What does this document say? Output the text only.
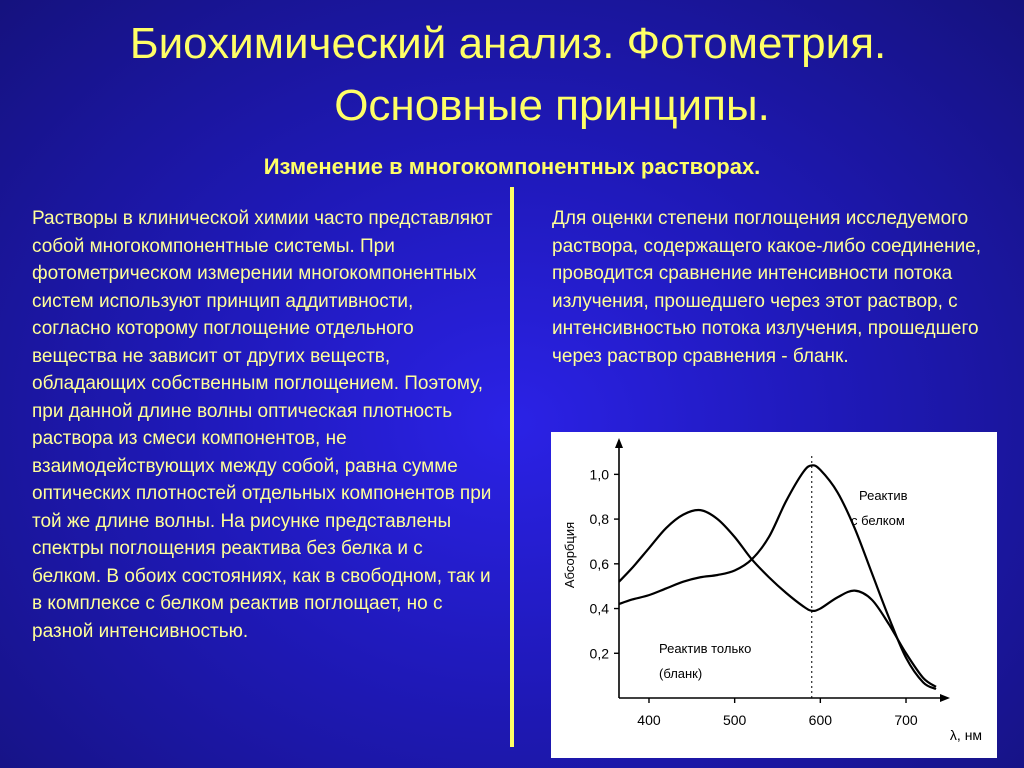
Биохимический анализ. Фотометрия.
Основные принципы.
Изменение в многокомпонентных растворах.
Растворы в клинической химии часто представляют собой многокомпонентные системы. При фотометрическом измерении многокомпонентных систем используют принцип аддитивности, согласно которому поглощение отдельного вещества не зависит от других веществ, обладающих собственным поглощением. Поэтому, при данной длине волны оптическая плотность раствора из смеси компонентов, не взаимодействующих между собой, равна сумме оптических плотностей отдельных компонентов при той же длине волны. На рисунке представлены спектры поглощения реактива без белка и с белком. В обоих состояниях, как в свободном, так и в комплексе с белком реактив поглощает, но с разной интенсивностью.
Для оценки степени поглощения исследуемого раствора, содержащего какое-либо соединение, проводится сравнение интенсивности потока излучения, прошедшего через этот раствор, с интенсивностью потока излучения, прошедшего через раствор сравнения - бланк.
0,2
0,4
0,6
0,8
1,0
400	500	600	700
λ, нм
Абсорбция
Реактив только
(бланк)
Реактив
с белком
